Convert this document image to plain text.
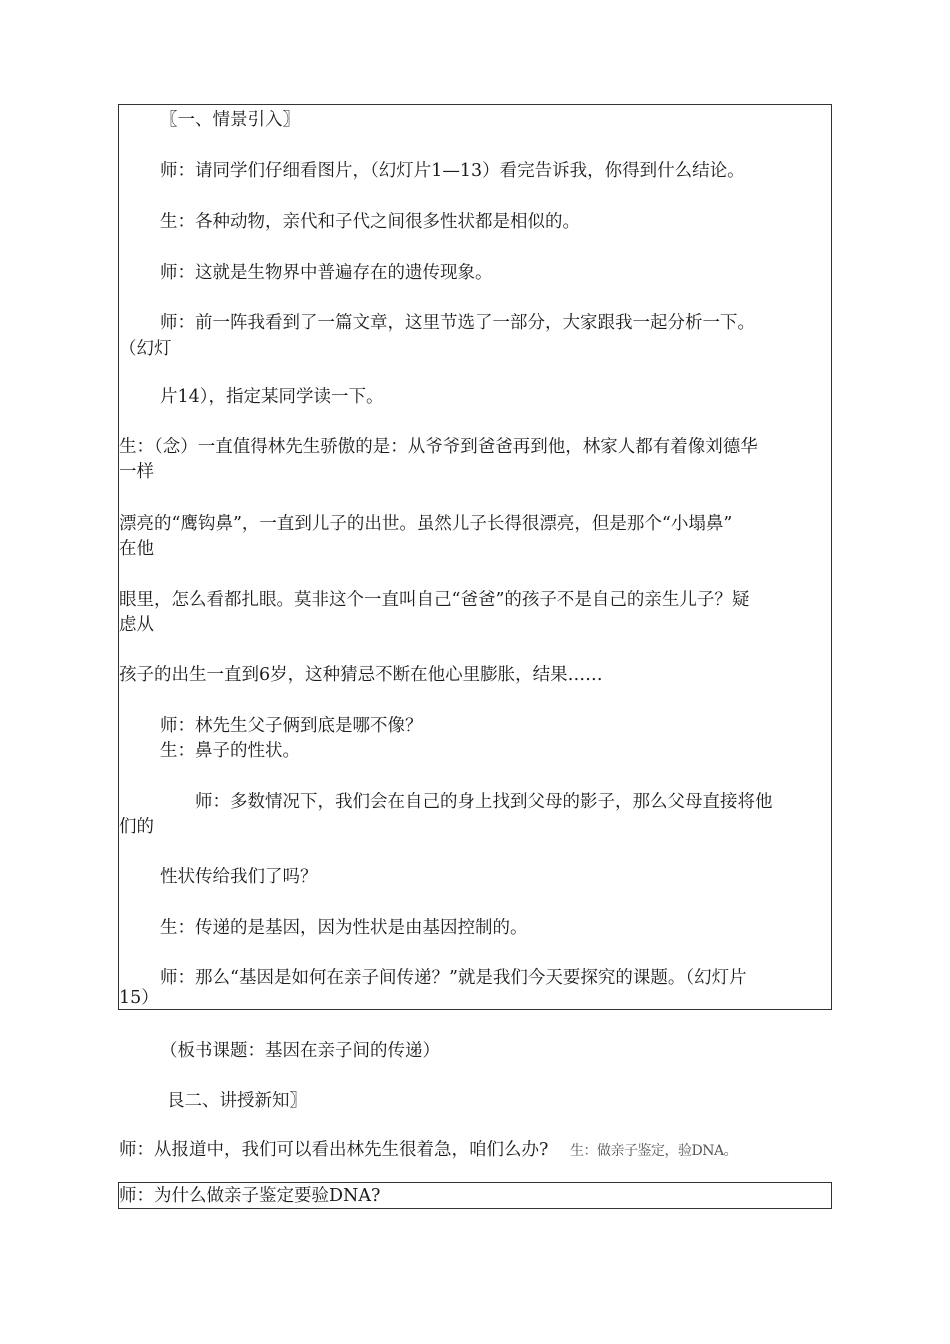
〖一、情景引入〗
师：请同学们仔细看图片，（幻灯片1—13）看完告诉我，你得到什么结论。
生：各种动物，亲代和子代之间很多性状都是相似的。
师：这就是生物界中普遍存在的遗传现象。
师：前一阵我看到了一篇文章，这里节选了一部分，大家跟我一起分析一下。
（幻灯
片14），指定某同学读一下。
生：（念）一直值得林先生骄傲的是：从爷爷到爸爸再到他，林家人都有着像刘德华
一样
漂亮的“鹰钩鼻”，一直到儿子的出世。虽然儿子长得很漂亮，但是那个“小塌鼻”
在他
眼里，怎么看都扎眼。莫非这个一直叫自己“爸爸”的孩子不是自己的亲生儿子？疑
虑从
孩子的出生一直到6岁，这种猜忌不断在他心里膨胀，结果……
师：林先生父子俩到底是哪不像？
生：鼻子的性状。
师：多数情况下，我们会在自己的身上找到父母的影子，那么父母直接将他
们的
性状传给我们了吗？
生：传递的是基因，因为性状是由基因控制的。
师：那么“基因是如何在亲子间传递？”就是我们今天要探究的课题。（幻灯片
15）
（板书课题：基因在亲子间的传递）
艮二、讲授新知〗
师：从报道中，我们可以看出林先生很着急，咱们么办? 生：做亲子鉴定，验DNA。
师：为什么做亲子鉴定要验DNA?
